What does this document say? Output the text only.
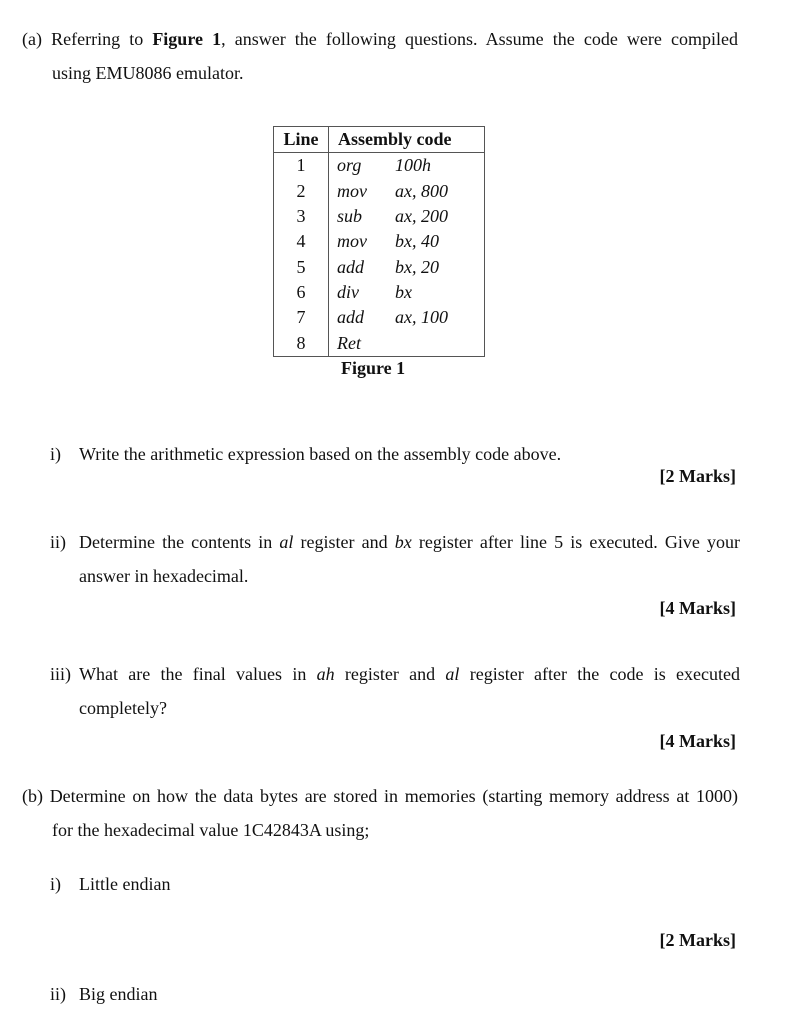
(a) Referring to Figure 1, answer the following questions. Assume the code were compiled
using EMU8086 emulator.
Line	Assembly code
1	org 100h
2	mov ax, 800
3	sub ax, 200
4	mov bx, 40
5	add bx, 20
6	div bx
7	add ax, 100
8	Ret
Figure 1
i) Write the arithmetic expression based on the assembly code above.
[2 Marks]
ii) Determine the contents in al register and bx register after line 5 is executed. Give your
answer in hexadecimal.
[4 Marks]
iii) What are the final values in ah register and al register after the code is executed
completely?
[4 Marks]
(b) Determine on how the data bytes are stored in memories (starting memory address at 1000)
for the hexadecimal value 1C42843A using;
i) Little endian
[2 Marks]
ii) Big endian
